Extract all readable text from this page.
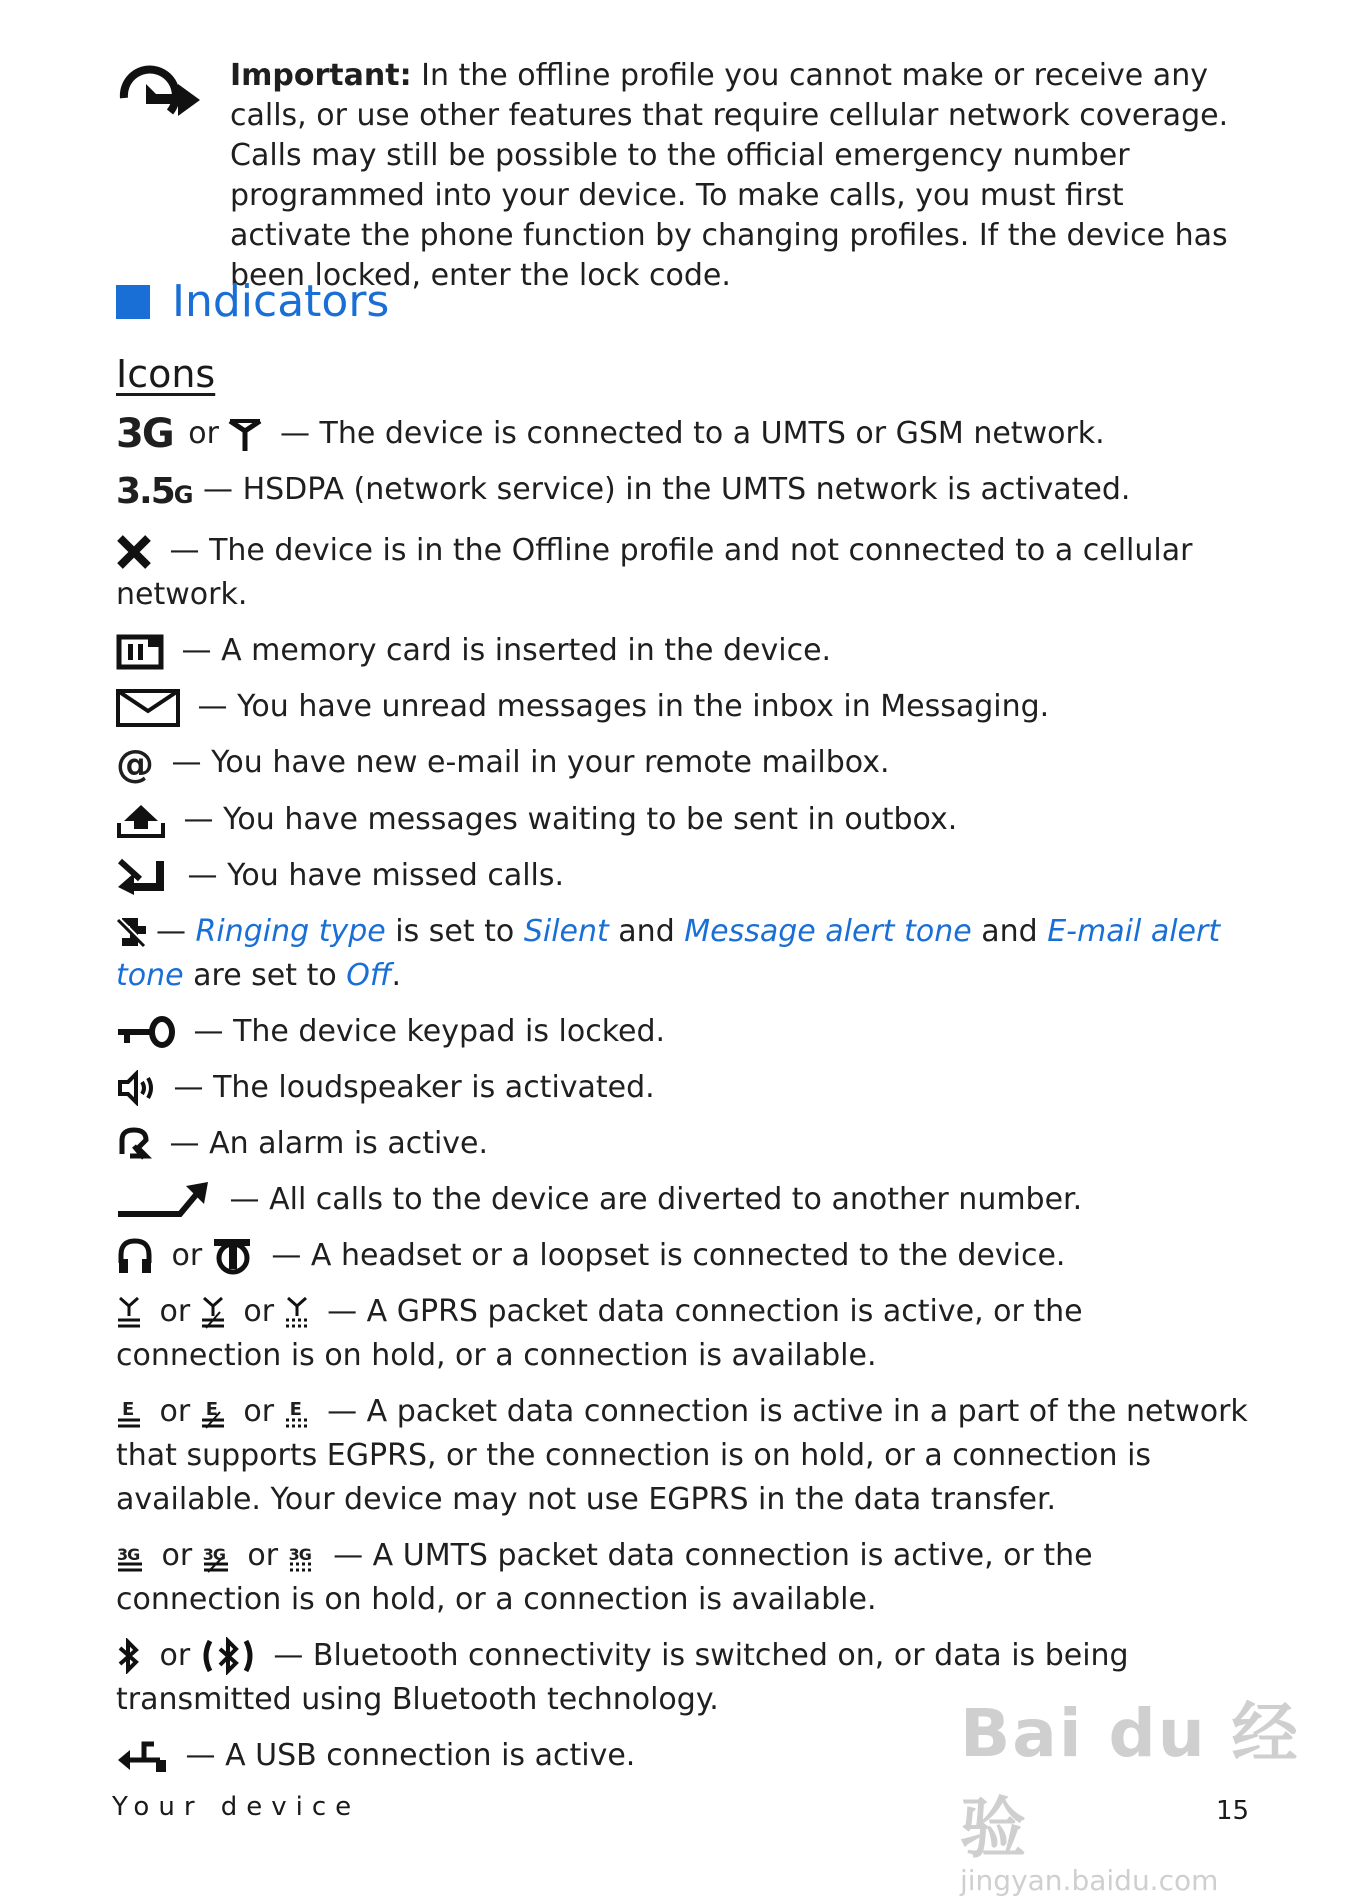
Important: In the offline profile you cannot make or receive any calls, or use other features that require cellular network coverage. Calls may still be possible to the official emergency number programmed into your device. To make calls, you must first activate the phone function by changing profiles. If the device has been locked, enter the lock code.
Indicators
Icons
3G or — The device is connected to a UMTS or GSM network.
3.5G — HSDPA (network service) in the UMTS network is activated.
— The device is in the Offline profile and not connected to a cellular network.
— A memory card is inserted in the device.
— You have unread messages in the inbox in Messaging.
@ — You have new e-mail in your remote mailbox.
— You have messages waiting to be sent in outbox.
— You have missed calls.
— Ringing type is set to Silent and Message alert tone and E-mail alert tone are set to Off.
— The device keypad is locked.
— The loudspeaker is activated.
— An alarm is active.
— All calls to the device are diverted to another number.
or — A headset or a loopset is connected to the device.
or or — A GPRS packet data connection is active, or the connection is on hold, or a connection is available.
E or E or E — A packet data connection is active in a part of the network that supports EGPRS, or the connection is on hold, or a connection is available. Your device may not use EGPRS in the data transfer.
3G or 3G or 3G — A UMTS packet data connection is active, or the connection is on hold, or a connection is available.
or	— Bluetooth connectivity is switched on, or data is being transmitted using Bluetooth technology.
— A USB connection is active.
Your device	15
Bai du 经验
jingyan.baidu.com
